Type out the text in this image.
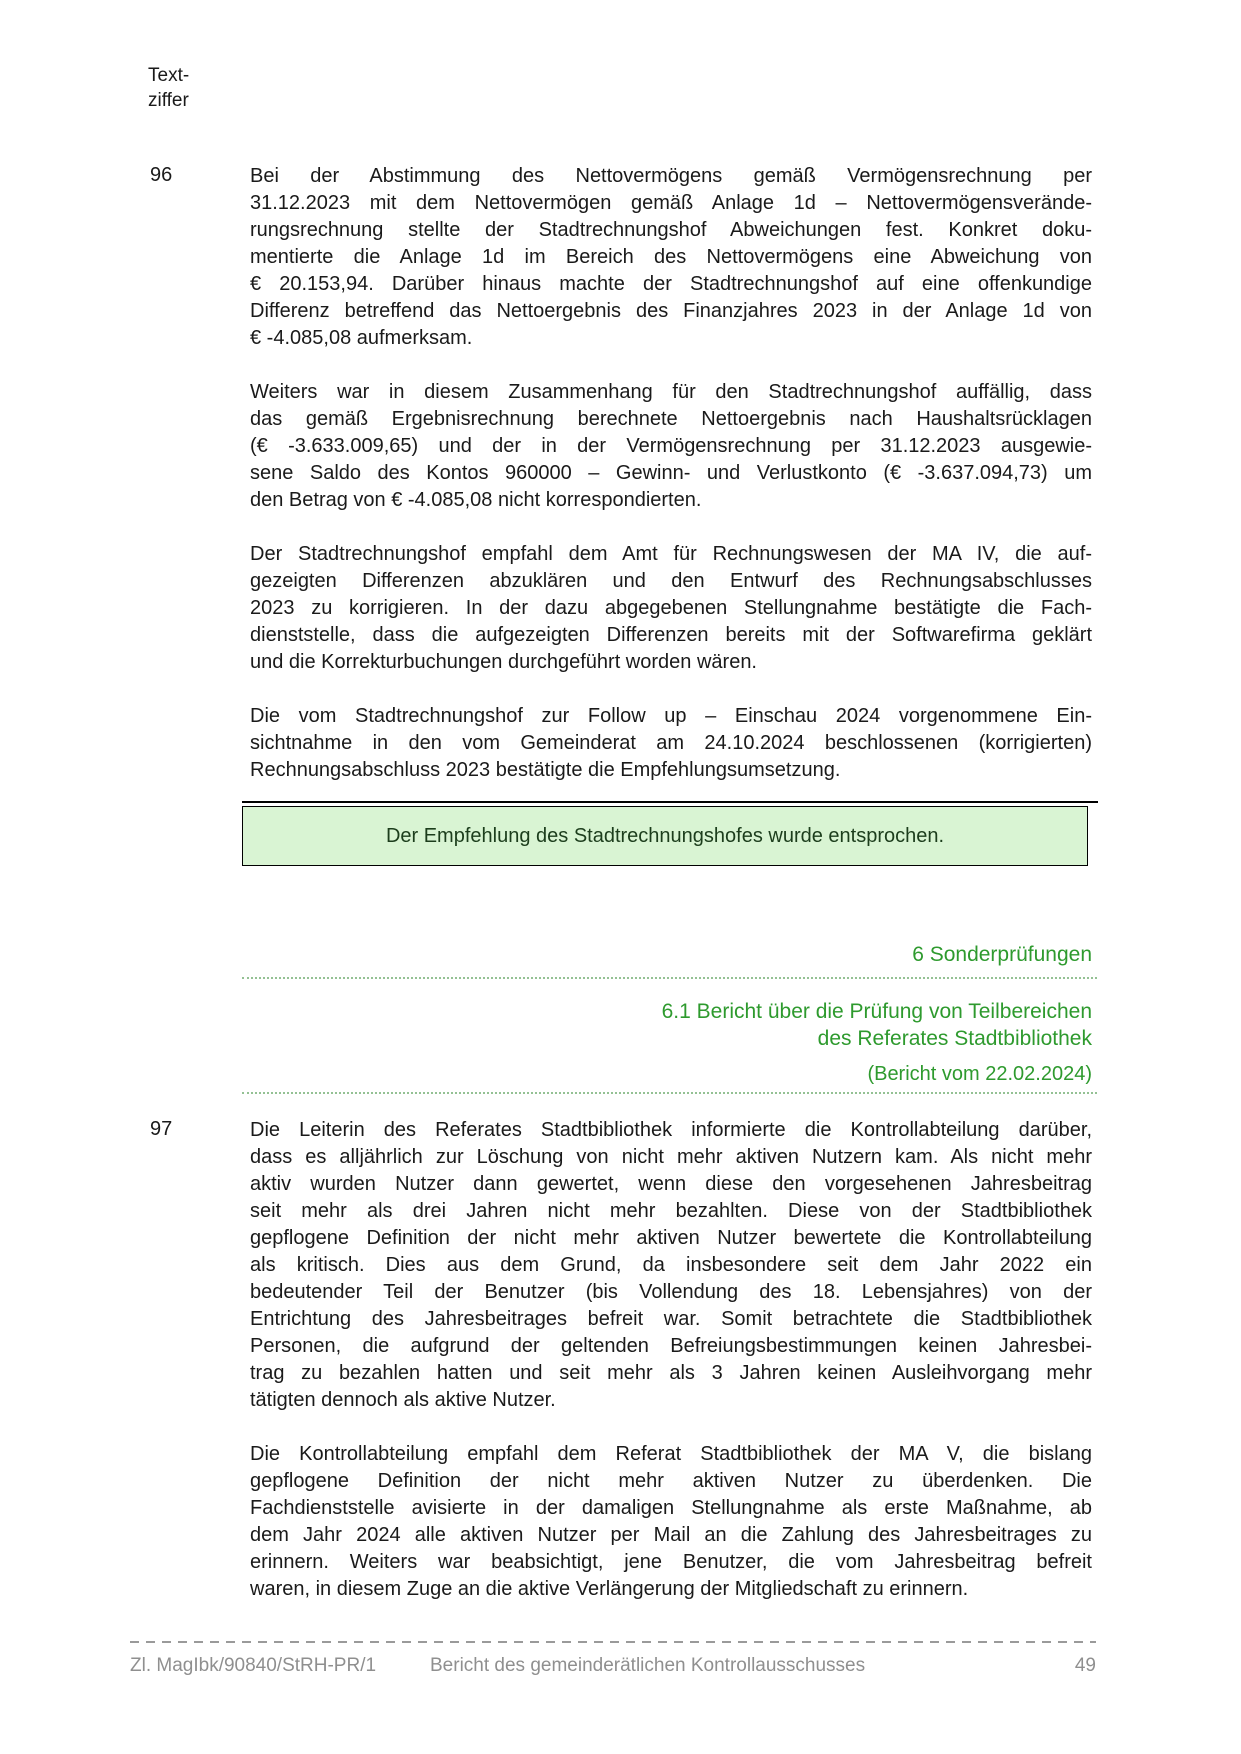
Text-
ziffer
96	Bei der Abstimmung des Nettovermögens gemäß Vermögensrechnung per
31.12.2023 mit dem Nettovermögen gemäß Anlage 1d – Nettovermögensverände-
rungsrechnung stellte der Stadtrechnungshof Abweichungen fest. Konkret doku-
mentierte die Anlage 1d im Bereich des Nettovermögens eine Abweichung von
€ 20.153,94. Darüber hinaus machte der Stadtrechnungshof auf eine offenkundige
Differenz betreffend das Nettoergebnis des Finanzjahres 2023 in der Anlage 1d von
€ -4.085,08 aufmerksam.
Weiters war in diesem Zusammenhang für den Stadtrechnungshof auffällig, dass
das gemäß Ergebnisrechnung berechnete Nettoergebnis nach Haushaltsrücklagen
(€ -3.633.009,65) und der in der Vermögensrechnung per 31.12.2023 ausgewie-
sene Saldo des Kontos 960000 – Gewinn- und Verlustkonto (€ -3.637.094,73) um
den Betrag von € -4.085,08 nicht korrespondierten.
Der Stadtrechnungshof empfahl dem Amt für Rechnungswesen der MA IV, die auf-
gezeigten Differenzen abzuklären und den Entwurf des Rechnungsabschlusses
2023 zu korrigieren. In der dazu abgegebenen Stellungnahme bestätigte die Fach-
dienststelle, dass die aufgezeigten Differenzen bereits mit der Softwarefirma geklärt
und die Korrekturbuchungen durchgeführt worden wären.
Die vom Stadtrechnungshof zur Follow up – Einschau 2024 vorgenommene Ein-
sichtnahme in den vom Gemeinderat am 24.10.2024 beschlossenen (korrigierten)
Rechnungsabschluss 2023 bestätigte die Empfehlungsumsetzung.
Der Empfehlung des Stadtrechnungshofes wurde entsprochen.
6 Sonderprüfungen
6.1 Bericht über die Prüfung von Teilbereichen
des Referates Stadtbibliothek
(Bericht vom 22.02.2024)
97	Die Leiterin des Referates Stadtbibliothek informierte die Kontrollabteilung darüber,
dass es alljährlich zur Löschung von nicht mehr aktiven Nutzern kam. Als nicht mehr
aktiv wurden Nutzer dann gewertet, wenn diese den vorgesehenen Jahresbeitrag
seit mehr als drei Jahren nicht mehr bezahlten. Diese von der Stadtbibliothek
gepflogene Definition der nicht mehr aktiven Nutzer bewertete die Kontrollabteilung
als kritisch. Dies aus dem Grund, da insbesondere seit dem Jahr 2022 ein
bedeutender Teil der Benutzer (bis Vollendung des 18. Lebensjahres) von der
Entrichtung des Jahresbeitrages befreit war. Somit betrachtete die Stadtbibliothek
Personen, die aufgrund der geltenden Befreiungsbestimmungen keinen Jahresbei-
trag zu bezahlen hatten und seit mehr als 3 Jahren keinen Ausleihvorgang mehr
tätigten dennoch als aktive Nutzer.
Die Kontrollabteilung empfahl dem Referat Stadtbibliothek der MA V, die bislang
gepflogene Definition der nicht mehr aktiven Nutzer zu überdenken. Die
Fachdienststelle avisierte in der damaligen Stellungnahme als erste Maßnahme, ab
dem Jahr 2024 alle aktiven Nutzer per Mail an die Zahlung des Jahresbeitrages zu
erinnern. Weiters war beabsichtigt, jene Benutzer, die vom Jahresbeitrag befreit
waren, in diesem Zuge an die aktive Verlängerung der Mitgliedschaft zu erinnern.
Zl. MagIbk/90840/StRH-PR/1	Bericht des gemeinderätlichen Kontrollausschusses	49
